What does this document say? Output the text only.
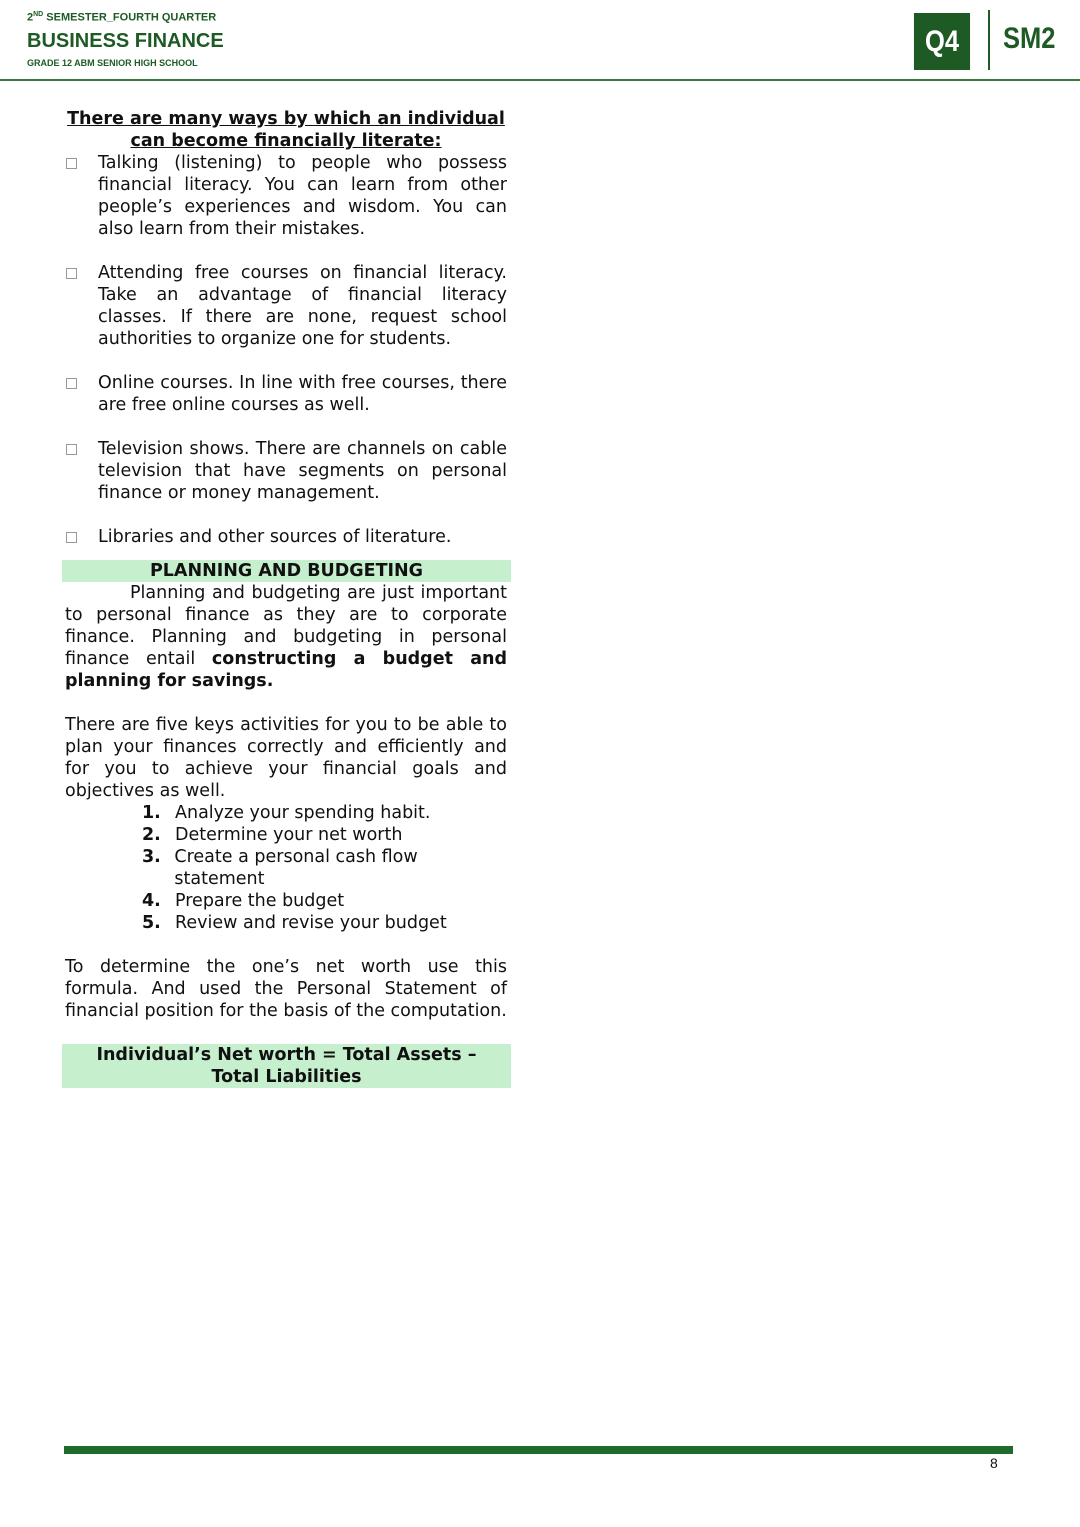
2ND SEMESTER_FOURTH QUARTER
BUSINESS FINANCE
GRADE 12 ABM SENIOR HIGH SCHOOL
Q4	SM2
There are many ways by which an individual can become financially literate:
Talking (listening) to people who possess financial literacy. You can learn from other people’s experiences and wisdom. You can also learn from their mistakes.
Attending free courses on financial literacy. Take an advantage of financial literacy classes. If there are none, request school authorities to organize one for students.
Online courses. In line with free courses, there are free online courses as well.
Television shows. There are channels on cable television that have segments on personal finance or money management.
Libraries and other sources of literature.
PLANNING AND BUDGETING
Planning and budgeting are just important to personal finance as they are to corporate finance. Planning and budgeting in personal finance entail constructing a budget and planning for savings.
There are five keys activities for you to be able to plan your finances correctly and efficiently and for you to achieve your financial goals and objectives as well.
1. Analyze your spending habit.
2. Determine your net worth
3. Create a personal cash flow statement
4. Prepare the budget
5. Review and revise your budget
To determine the one’s net worth use this formula. And used the Personal Statement of financial position for the basis of the computation.
Individual’s Net worth = Total Assets – Total Liabilities
8
